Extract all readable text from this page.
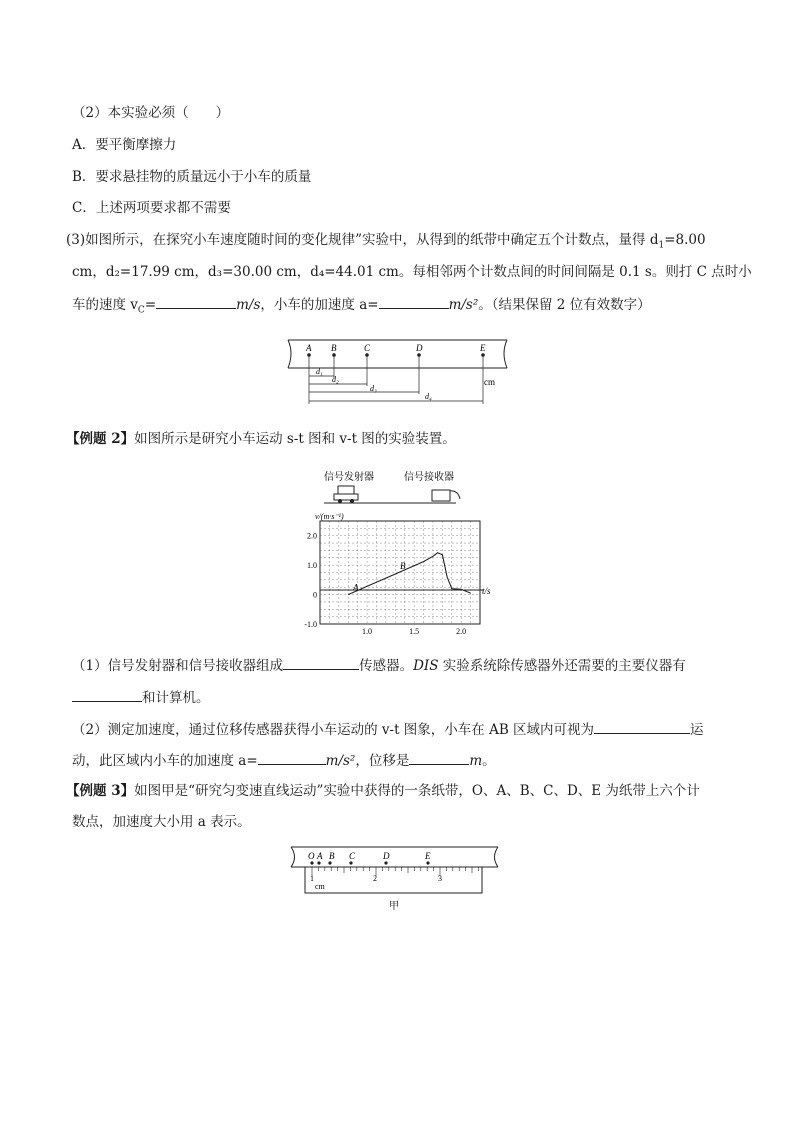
（2）本实验必须（　　）
A．要平衡摩擦力
B．要求悬挂物的质量远小于小车的质量
C．上述两项要求都不需要
(3)如图所示，在探究小车速度随时间的变化规律”实验中，从得到的纸带中确定五个计数点，量得 $d_1=8.00$
cm，d₂=17.99 cm，d₃=30.00 cm，d₄=44.01 cm。每相邻两个计数点间的时间间隔是 0.1 s。则打 C 点时小
车的速度 $v_C=$	m/s，小车的加速度 a=	m/s²。（结果保留 2 位有效数字）
A B	C	D	E
d₁
d₂
d₃
d₄
cm
【例题 2】如图所示是研究小车运动 s-t 图和 v-t 图的实验装置。
信号发射器	信号接收器
v/(m·s⁻¹)
t/s
2.0
1.0
0
-1.0
1.0	1.5	2.0
A
B
（1）信号发射器和信号接收器组成	传感器。DIS 实验系统除传感器外还需要的主要仪器有
和计算机。
（2）测定加速度，通过位移传感器获得小车运动的 v-t 图象，小车在 AB 区域内可视为	运
动，此区域内小车的加速度 a=	m/s²，位移是	m。
【例题 3】如图甲是“研究匀变速直线运动”实验中获得的一条纸带，O、A、B、C、D、E 为纸带上六个计
数点，加速度大小用 a 表示。
O A B C	D	E
1	2	3
cm
甲
